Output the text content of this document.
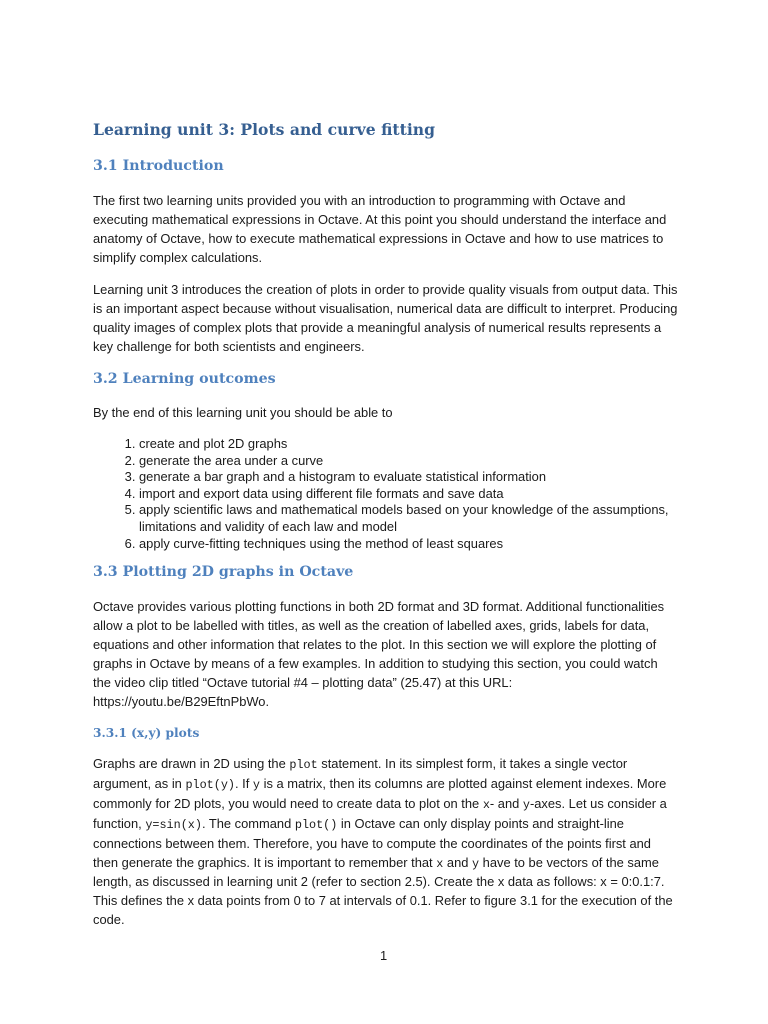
Learning unit 3: Plots and curve fitting
3.1 Introduction

The first two learning units provided you with an introduction to programming with Octave and executing mathematical expressions in Octave. At this point you should understand the interface and anatomy of Octave, how to execute mathematical expressions in Octave and how to use matrices to simplify complex calculations.

Learning unit 3 introduces the creation of plots in order to provide quality visuals from output data. This is an important aspect because without visualisation, numerical data are difficult to interpret. Producing quality images of complex plots that provide a meaningful analysis of numerical results represents a key challenge for both scientists and engineers.

3.2 Learning outcomes

By the end of this learning unit you should be able to

1. create and plot 2D graphs
2. generate the area under a curve
3. generate a bar graph and a histogram to evaluate statistical information
4. import and export data using different file formats and save data
5. apply scientific laws and mathematical models based on your knowledge of the assumptions, limitations and validity of each law and model
6. apply curve-fitting techniques using the method of least squares
3.3 Plotting 2D graphs in Octave

Octave provides various plotting functions in both 2D format and 3D format. Additional functionalities allow a plot to be labelled with titles, as well as the creation of labelled axes, grids, labels for data, equations and other information that relates to the plot. In this section we will explore the plotting of graphs in Octave by means of a few examples. In addition to studying this section, you could watch the video clip titled “Octave tutorial #4 – plotting data” (25.47) at this URL: https://youtu.be/B29EftnPbWo.

3.3.1 (x,y) plots

Graphs are drawn in 2D using the plot statement. In its simplest form, it takes a single vector argument, as in plot(y). If y is a matrix, then its columns are plotted against element indexes. More commonly for 2D plots, you would need to create data to plot on the x- and y-axes. Let us consider a function, y=sin(x). The command plot() in Octave can only display points and straight-line connections between them. Therefore, you have to compute the coordinates of the points first and then generate the graphics. It is important to remember that x and y have to be vectors of the same length, as discussed in learning unit 2 (refer to section 2.5). Create the x data as follows: x = 0:0.1:7. This defines the x data points from 0 to 7 at intervals of 0.1. Refer to figure 3.1 for the execution of the code.

1
